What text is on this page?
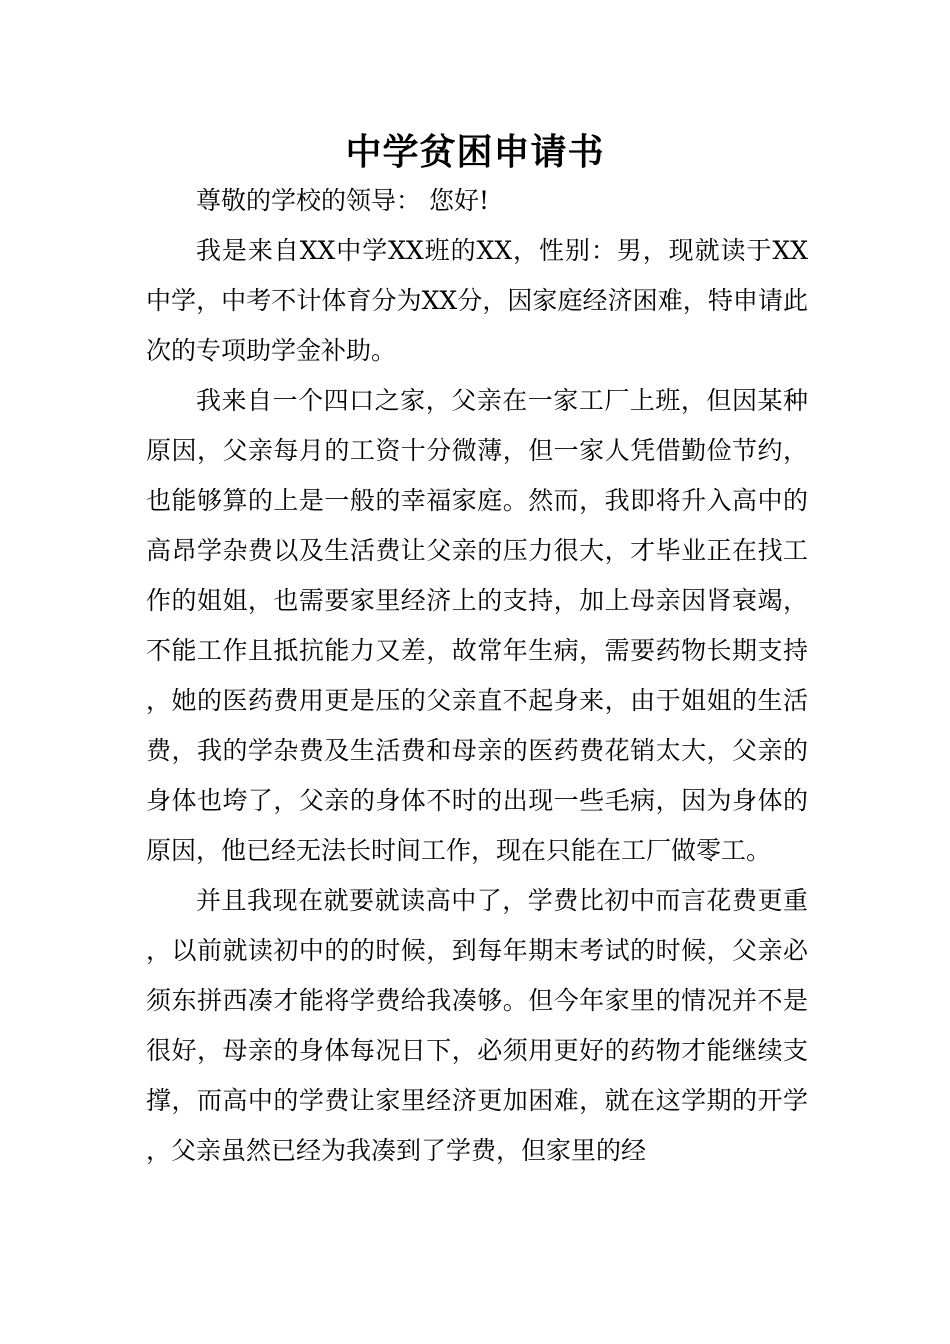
中学贫困申请书

尊敬的学校的领导： 您好!

我是来自XX中学XX班的XX，性别：男，现就读于XX中学，中考不计体育分为XX分，因家庭经济困难，特申请此次的专项助学金补助。

我来自一个四口之家，父亲在一家工厂上班，但因某种原因，父亲每月的工资十分微薄，但一家人凭借勤俭节约，也能够算的上是一般的幸福家庭。然而，我即将升入高中的高昂学杂费以及生活费让父亲的压力很大，才毕业正在找工作的姐姐，也需要家里经济上的支持，加上母亲因肾衰竭，不能工作且抵抗能力又差，故常年生病，需要药物长期支持，她的医药费用更是压的父亲直不起身来，由于姐姐的生活费，我的学杂费及生活费和母亲的医药费花销太大，父亲的身体也垮了，父亲的身体不时的出现一些毛病，因为身体的原因，他已经无法长时间工作，现在只能在工厂做零工。

并且我现在就要就读高中了，学费比初中而言花费更重，以前就读初中的的时候，到每年期末考试的时候，父亲必须东拼西凑才能将学费给我凑够。但今年家里的情况并不是很好，母亲的身体每况日下，必须用更好的药物才能继续支撑，而高中的学费让家里经济更加困难，就在这学期的开学，父亲虽然已经为我凑到了学费，但家里的经
